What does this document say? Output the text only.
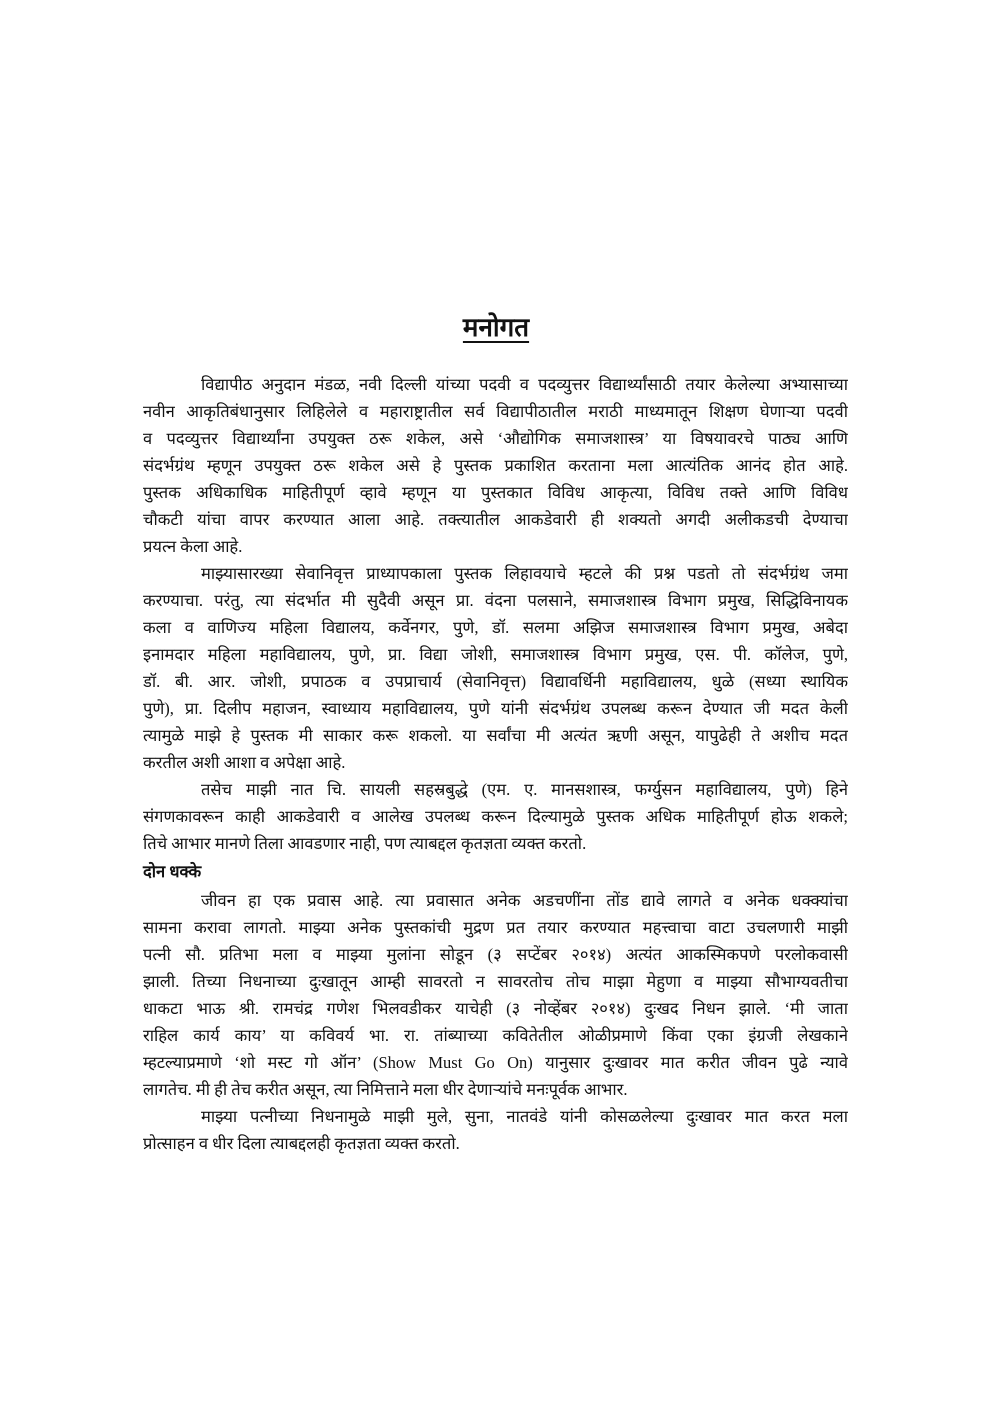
मनोगत
विद्यापीठ अनुदान मंडळ, नवी दिल्ली यांच्या पदवी व पदव्युत्तर विद्यार्थ्यांसाठी तयार केलेल्या अभ्यासाच्या
नवीन आकृतिबंधानुसार लिहिलेले व महाराष्ट्रातील सर्व विद्यापीठातील मराठी माध्यमातून शिक्षण घेणाऱ्या पदवी
व पदव्युत्तर विद्यार्थ्यांना उपयुक्त ठरू शकेल, असे ‘औद्योगिक समाजशास्त्र’ या विषयावरचे पाठ्य आणि
संदर्भग्रंथ म्हणून उपयुक्त ठरू शकेल असे हे पुस्तक प्रकाशित करताना मला आत्यंतिक आनंद होत आहे.
पुस्तक अधिकाधिक माहितीपूर्ण व्हावे म्हणून या पुस्तकात विविध आकृत्या, विविध तक्ते आणि विविध
चौकटी यांचा वापर करण्यात आला आहे. तक्त्यातील आकडेवारी ही शक्यतो अगदी अलीकडची देण्याचा
प्रयत्न केला आहे.
माझ्यासारख्या सेवानिवृत्त प्राध्यापकाला पुस्तक लिहावयाचे म्हटले की प्रश्न पडतो तो संदर्भग्रंथ जमा
करण्याचा. परंतु, त्या संदर्भात मी सुदैवी असून प्रा. वंदना पलसाने, समाजशास्त्र विभाग प्रमुख, सिद्धिविनायक
कला व वाणिज्य महिला विद्यालय, कर्वेनगर, पुणे, डॉ. सलमा अझिज समाजशास्त्र विभाग प्रमुख, अबेदा
इनामदार महिला महाविद्यालय, पुणे, प्रा. विद्या जोशी, समाजशास्त्र विभाग प्रमुख, एस. पी. कॉलेज, पुणे,
डॉ. बी. आर. जोशी, प्रपाठक व उपप्राचार्य (सेवानिवृत्त) विद्यावर्धिनी महाविद्यालय, धुळे (सध्या स्थायिक
पुणे), प्रा. दिलीप महाजन, स्वाध्याय महाविद्यालय, पुणे यांनी संदर्भग्रंथ उपलब्ध करून देण्यात जी मदत केली
त्यामुळे माझे हे पुस्तक मी साकार करू शकलो. या सर्वांचा मी अत्यंत ऋणी असून, यापुढेही ते अशीच मदत
करतील अशी आशा व अपेक्षा आहे.
तसेच माझी नात चि. सायली सहस्रबुद्धे (एम. ए. मानसशास्त्र, फर्ग्युसन महाविद्यालय, पुणे) हिने
संगणकावरून काही आकडेवारी व आलेख उपलब्ध करून दिल्यामुळे पुस्तक अधिक माहितीपूर्ण होऊ शकले;
तिचे आभार मानणे तिला आवडणार नाही, पण त्याबद्दल कृतज्ञता व्यक्त करतो.
दोन धक्के
जीवन हा एक प्रवास आहे. त्या प्रवासात अनेक अडचणींना तोंड द्यावे लागते व अनेक धक्क्यांचा
सामना करावा लागतो. माझ्या अनेक पुस्तकांची मुद्रण प्रत तयार करण्यात महत्त्वाचा वाटा उचलणारी माझी
पत्नी सौ. प्रतिभा मला व माझ्या मुलांना सोडून (३ सप्टेंबर २०१४) अत्यंत आकस्मिकपणे परलोकवासी
झाली. तिच्या निधनाच्या दुःखातून आम्ही सावरतो न सावरतोच तोच माझा मेहुणा व माझ्या सौभाग्यवतीचा
धाकटा भाऊ श्री. रामचंद्र गणेश भिलवडीकर याचेही (३ नोव्हेंबर २०१४) दुःखद निधन झाले. ‘मी जाता
राहिल कार्य काय’ या कविवर्य भा. रा. तांब्याच्या कवितेतील ओळीप्रमाणे किंवा एका इंग्रजी लेखकाने
म्हटल्याप्रमाणे ‘शो मस्ट गो ऑन’ (Show Must Go On) यानुसार दुःखावर मात करीत जीवन पुढे न्यावे
लागतेच. मी ही तेच करीत असून, त्या निमित्ताने मला धीर देणाऱ्यांचे मनःपूर्वक आभार.
माझ्या पत्नीच्या निधनामुळे माझी मुले, सुना, नातवंडे यांनी कोसळलेल्या दुःखावर मात करत मला
प्रोत्साहन व धीर दिला त्याबद्दलही कृतज्ञता व्यक्त करतो.
